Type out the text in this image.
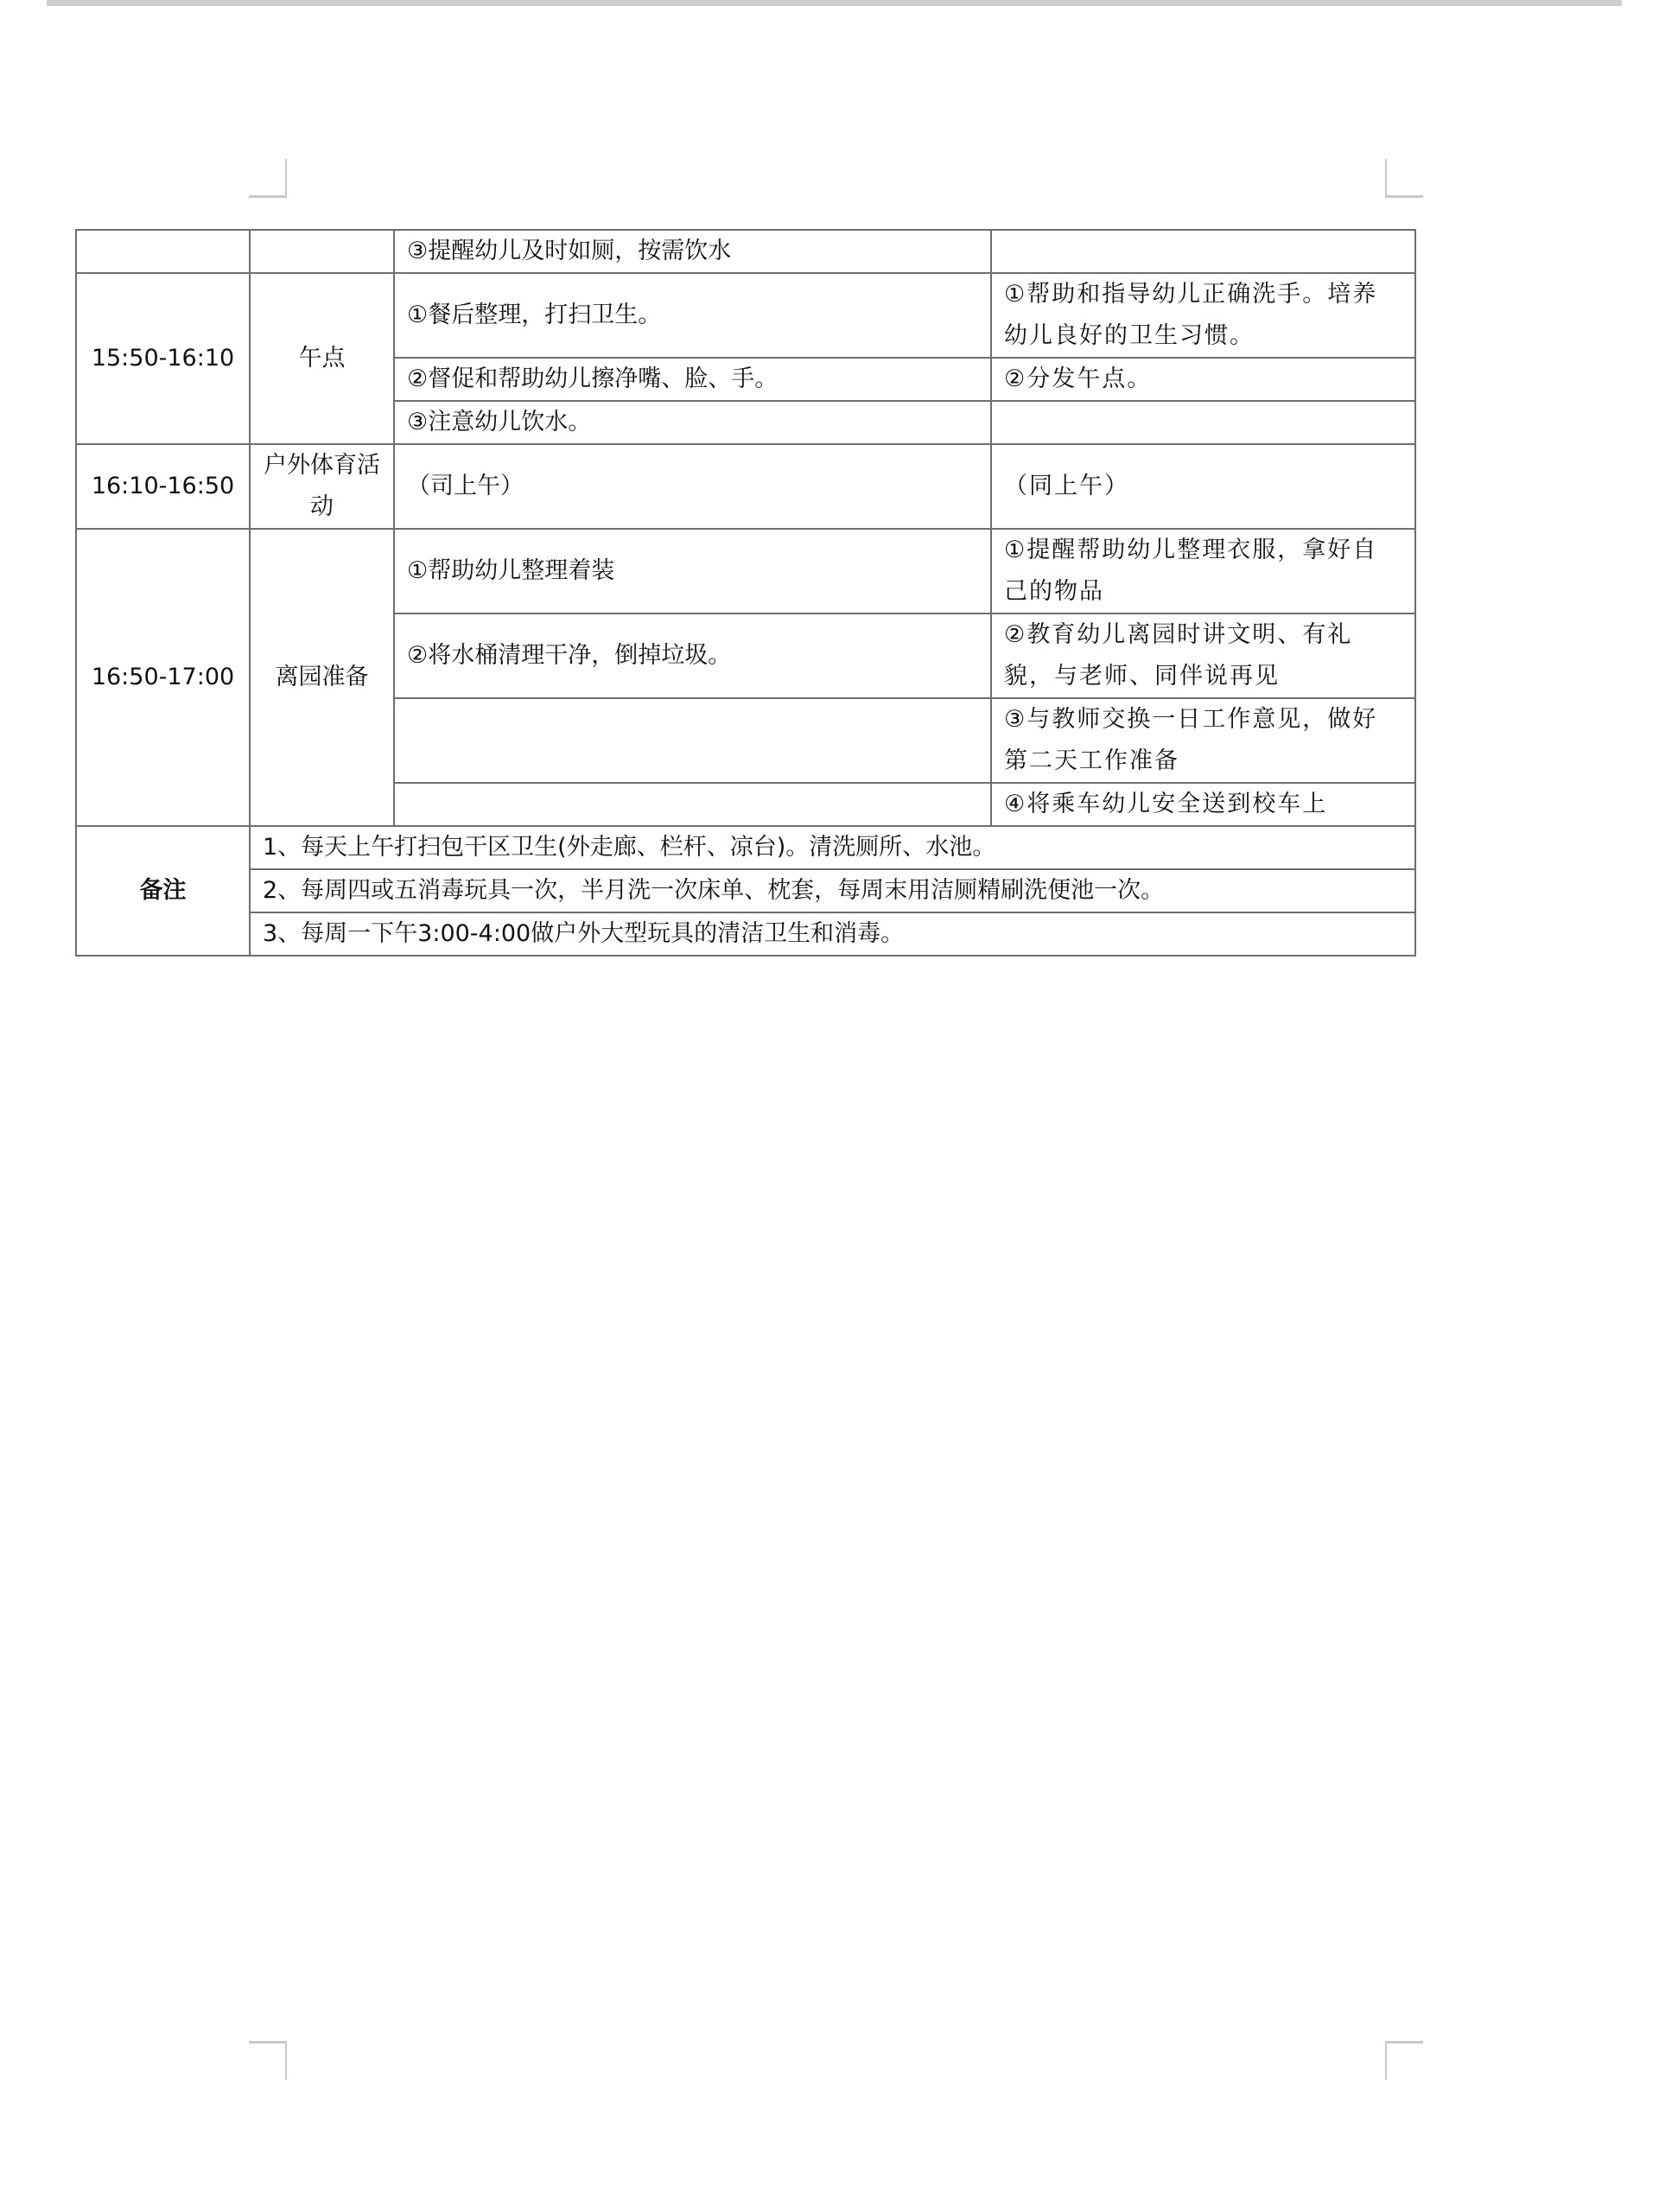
		③提醒幼儿及时如厕，按需饮水	
15:50-16:10	午点	①餐后整理，打扫卫生。	①帮助和指导幼儿正确洗手。培养幼儿良好的卫生习惯。
		②督促和帮助幼儿擦净嘴、脸、手。	②分发午点。
		③注意幼儿饮水。	
16:10-16:50	户外体育活动	（司上午）	（同上午）
16:50-17:00	离园准备	①帮助幼儿整理着装	①提醒帮助幼儿整理衣服，拿好自己的物品
		②将水桶清理干净，倒掉垃圾。	②教育幼儿离园时讲文明、有礼貌，与老师、同伴说再见
			③与教师交换一日工作意见，做好第二天工作准备
			④将乘车幼儿安全送到校车上
备注	1、每天上午打扫包干区卫生(外走廊、栏杆、凉台)。清洗厕所、水池。		
	2、每周四或五消毒玩具一次，半月洗一次床单、枕套，每周末用洁厕精刷洗便池一次。		
	3、每周一下午3:00-4:00做户外大型玩具的清洁卫生和消毒。		
